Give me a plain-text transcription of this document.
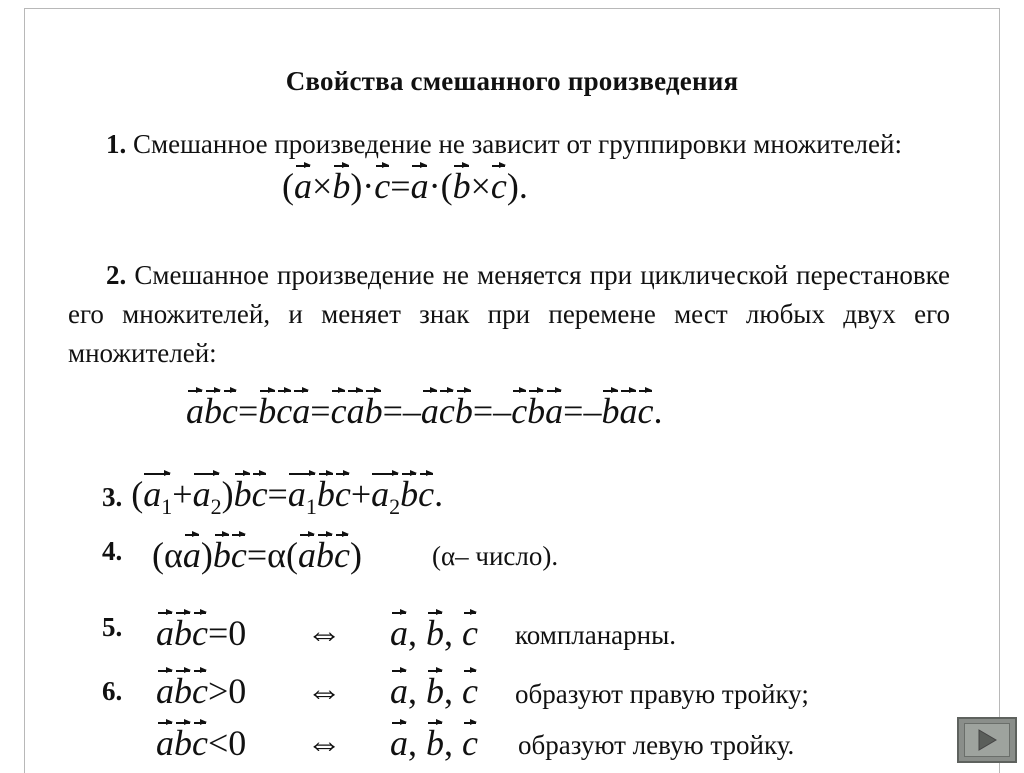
Свойства смешанного произведения
1. Смешанное произведение не зависит от группировки множителей:
(a×b)·c=a·(b×c).
2. Смешанное произведение не меняется при циклической перестановке его множителей, и меняет знак при перемене мест любых двух его множителей:
abc=bca=cab=–acb=–cba=–bac.
3. $(a_1+a_2)bc=a_1bc+a_2bc$.
4. (αa)bc=α(abc)	(α– число).
5. abc=0 ⇔ a, b, c компланарны.
6. abc>0 ⇔ a, b, c образуют правую тройку;
abc<0 ⇔ a, b, c образуют левую тройку.
